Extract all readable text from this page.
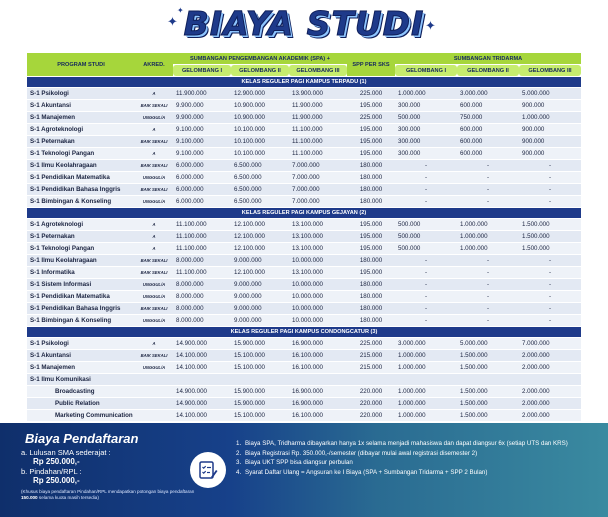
✦
✦ BIAYA STUDI ✦
PROGRAM STUDI	AKRED.	SUMBANGAN PENGEMBANGAN AKADEMIK (SPA) +			SPP PER SKS	SUMBANGAN TRIDARMA		
		GELOMBANG I	GELOMBANG II	GELOMBANG III		GELOMBANG I	GELOMBANG II	GELOMBANG III
KELAS REGULER PAGI KAMPUS TERPADU (1)								
S-1 Psikologi	A	11.900.000	12.900.000	13.900.000	225.000	1.000.000	3.000.000	5.000.000
S-1 Akuntansi	BAIK SEKALI	9.900.000	10.900.000	11.900.000	195.000	300.000	600.000	900.000
S-1 Manajemen	UNGGUL/A	9.900.000	10.900.000	11.900.000	225.000	500.000	750.000	1.000.000
S-1 Agroteknologi	A	9.100.000	10.100.000	11.100.000	195.000	300.000	600.000	900.000
S-1 Peternakan	BAIK SEKALI	9.100.000	10.100.000	11.100.000	195.000	300.000	600.000	900.000
S-1 Teknologi Pangan	A	9.100.000	10.100.000	11.100.000	195.000	300.000	600.000	900.000
S-1 Ilmu Keolahragaan	BAIK SEKALI	6.000.000	6.500.000	7.000.000	180.000	-	-	-
S-1 Pendidikan Matematika	UNGGUL/A	6.000.000	6.500.000	7.000.000	180.000	-	-	-
S-1 Pendidikan Bahasa Inggris	BAIK SEKALI	6.000.000	6.500.000	7.000.000	180.000	-	-	-
S-1 Bimbingan & Konseling	UNGGUL/A	6.000.000	6.500.000	7.000.000	180.000	-	-	-
KELAS REGULER PAGI KAMPUS GEJAYAN (2)								
S-1 Agroteknologi	A	11.100.000	12.100.000	13.100.000	195.000	500.000	1.000.000	1.500.000
S-1 Peternakan	A	11.100.000	12.100.000	13.100.000	195.000	500.000	1.000.000	1.500.000
S-1 Teknologi Pangan	A	11.100.000	12.100.000	13.100.000	195.000	500.000	1.000.000	1.500.000
S-1 Ilmu Keolahragaan	BAIK SEKALI	8.000.000	9.000.000	10.000.000	180.000	-	-	-
S-1 Informatika	BAIK SEKALI	11.100.000	12.100.000	13.100.000	195.000	-	-	-
S-1 Sistem Informasi	UNGGUL/A	8.000.000	9.000.000	10.000.000	180.000	-	-	-
S-1 Pendidikan Matematika	UNGGUL/A	8.000.000	9.000.000	10.000.000	180.000	-	-	-
S-1 Pendidikan Bahasa Inggris	BAIK SEKALI	8.000.000	9.000.000	10.000.000	180.000	-	-	-
S-1 Bimbingan & Konseling	UNGGUL/A	8.000.000	9.000.000	10.000.000	180.000	-	-	-
KELAS REGULER PAGI KAMPUS CONDONGCATUR (3)								
S-1 Psikologi	A	14.900.000	15.900.000	16.900.000	225.000	3.000.000	5.000.000	7.000.000
S-1 Akuntansi	BAIK SEKALI	14.100.000	15.100.000	16.100.000	215.000	1.000.000	1.500.000	2.000.000
S-1 Manajemen	UNGGUL/A	14.100.000	15.100.000	16.100.000	215.000	1.000.000	1.500.000	2.000.000
S-1 Ilmu Komunikasi								
Broadcasting		14.900.000	15.900.000	16.900.000	220.000	1.000.000	1.500.000	2.000.000
Public Relation		14.900.000	15.900.000	16.900.000	220.000	1.000.000	1.500.000	2.000.000
Marketing Communication		14.100.000	15.100.000	16.100.000	220.000	1.000.000	1.500.000	2.000.000
Biaya Pendaftaran
a. Lulusan SMA sederajat :
Rp 250.000,-
b. Pindahan/RPL :
Rp 250.000,-
(Khusus biaya pendaftaran Pindahan/RPL mendapatkan potongan biaya pendaftaran 150.000 selama kuota masih tersedia)
1. Biaya SPA, Tridharma dibayarkan hanya 1x selama menjadi mahasiswa dan dapat diangsur 6x (setiap UTS dan KRS)
2. Biaya Registrasi Rp. 350.000,-/semester (dibayar mulai awal registrasi disemester 2)
3. Biaya UKT SPP bisa diangsur perbulan
4. Syarat Daftar Ulang = Angsuran ke I Biaya (SPA + Sumbangan Tridarma + SPP 2 Bulan)
